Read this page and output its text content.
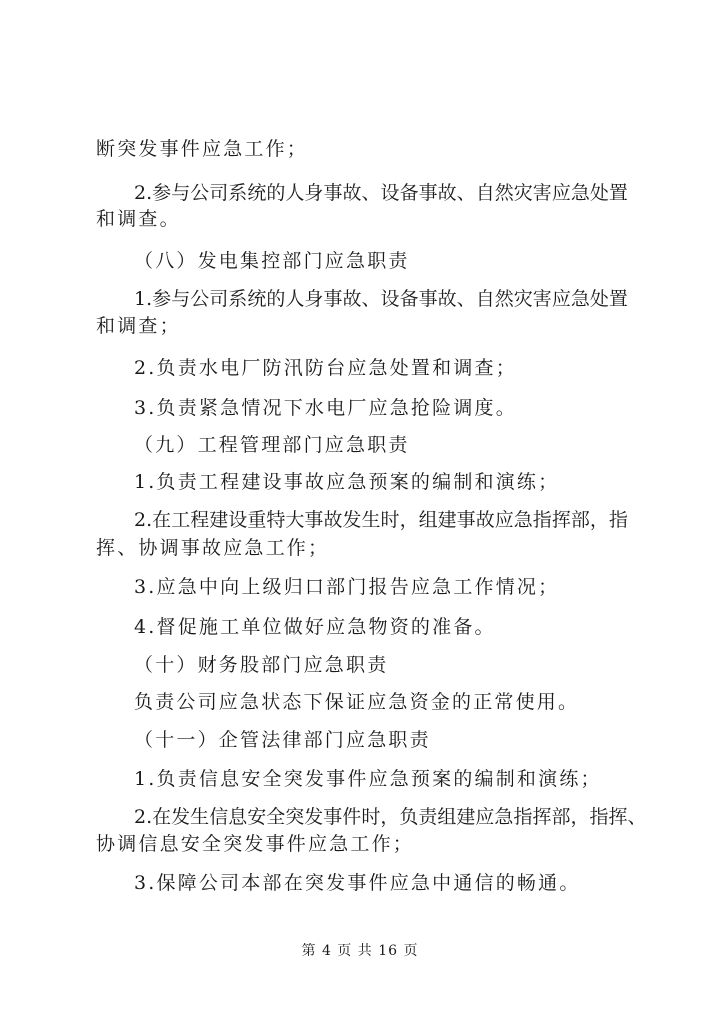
断突发事件应急工作；
2 . 参 与 公 司 系 统 的 人 身 事 故 、 设 备 事 故 、 自 然 灾 害 应 急 处 置
和调查。
（八）发电集控部门应急职责
1 . 参 与 公 司 系 统 的 人 身 事 故 、 设 备 事 故 、 自 然 灾 害 应 急 处 置
和调查；
2.负责水电厂防汛防台应急处置和调查；
3.负责紧急情况下水电厂应急抢险调度。
（九）工程管理部门应急职责
1.负责工程建设事故应急预案的编制和演练；
2 . 在 工 程 建 设 重 特 大 事 故 发 生 时 ， 组 建 事 故 应 急 指 挥 部 ， 指
挥、协调事故应急工作；
3.应急中向上级归口部门报告应急工作情况；
4.督促施工单位做好应急物资的准备。
（十）财务股部门应急职责
负责公司应急状态下保证应急资金的正常使用。
（十一）企管法律部门应急职责
1.负责信息安全突发事件应急预案的编制和演练；
2 . 在 发 生 信 息 安 全 突 发 事 件 时 ， 负 责 组 建 应 急 指 挥 部 ， 指 挥 、
协调信息安全突发事件应急工作；
3.保障公司本部在突发事件应急中通信的畅通。
第 4 页 共 16 页
